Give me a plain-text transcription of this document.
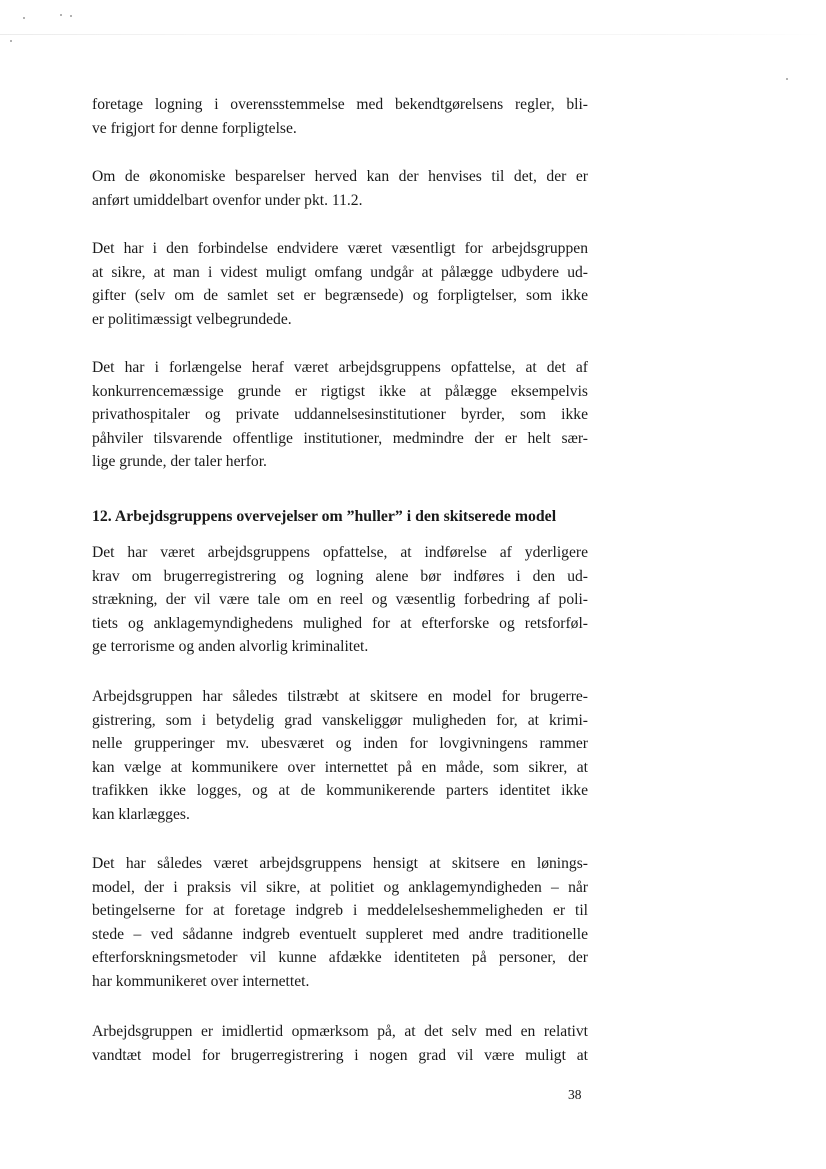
foretage logning i overensstemmelse med bekendtgørelsens regler, bli-
ve frigjort for denne forpligtelse.

Om de økonomiske besparelser herved kan der henvises til det, der er
anført umiddelbart ovenfor under pkt. 11.2.

Det har i den forbindelse endvidere været væsentligt for arbejdsgruppen
at sikre, at man i videst muligt omfang undgår at pålægge udbydere ud-
gifter (selv om de samlet set er begrænsede) og forpligtelser, som ikke
er politimæssigt velbegrundede.

Det har i forlængelse heraf været arbejdsgruppens opfattelse, at det af
konkurrencemæssige grunde er rigtigst ikke at pålægge eksempelvis
privathospitaler og private uddannelsesinstitutioner byrder, som ikke
påhviler tilsvarende offentlige institutioner, medmindre der er helt sær-
lige grunde, der taler herfor.

12. Arbejdsgruppens overvejelser om ”huller” i den skitserede model

Det har været arbejdsgruppens opfattelse, at indførelse af yderligere
krav om brugerregistrering og logning alene bør indføres i den ud-
strækning, der vil være tale om en reel og væsentlig forbedring af poli-
tiets og anklagemyndighedens mulighed for at efterforske og retsforføl-
ge terrorisme og anden alvorlig kriminalitet.

Arbejdsgruppen har således tilstræbt at skitsere en model for brugerre-
gistrering, som i betydelig grad vanskeliggør muligheden for, at krimi-
nelle grupperinger mv. ubesværet og inden for lovgivningens rammer
kan vælge at kommunikere over internettet på en måde, som sikrer, at
trafikken ikke logges, og at de kommunikerende parters identitet ikke
kan klarlægges.

Det har således været arbejdsgruppens hensigt at skitsere en lønings-
model, der i praksis vil sikre, at politiet og anklagemyndigheden – når
betingelserne for at foretage indgreb i meddelelseshemmeligheden er til
stede – ved sådanne indgreb eventuelt suppleret med andre traditionelle
efterforskningsmetoder vil kunne afdække identiteten på personer, der
har kommunikeret over internettet.

Arbejdsgruppen er imidlertid opmærksom på, at det selv med en relativt
vandtæt model for brugerregistrering i nogen grad vil være muligt at

38
